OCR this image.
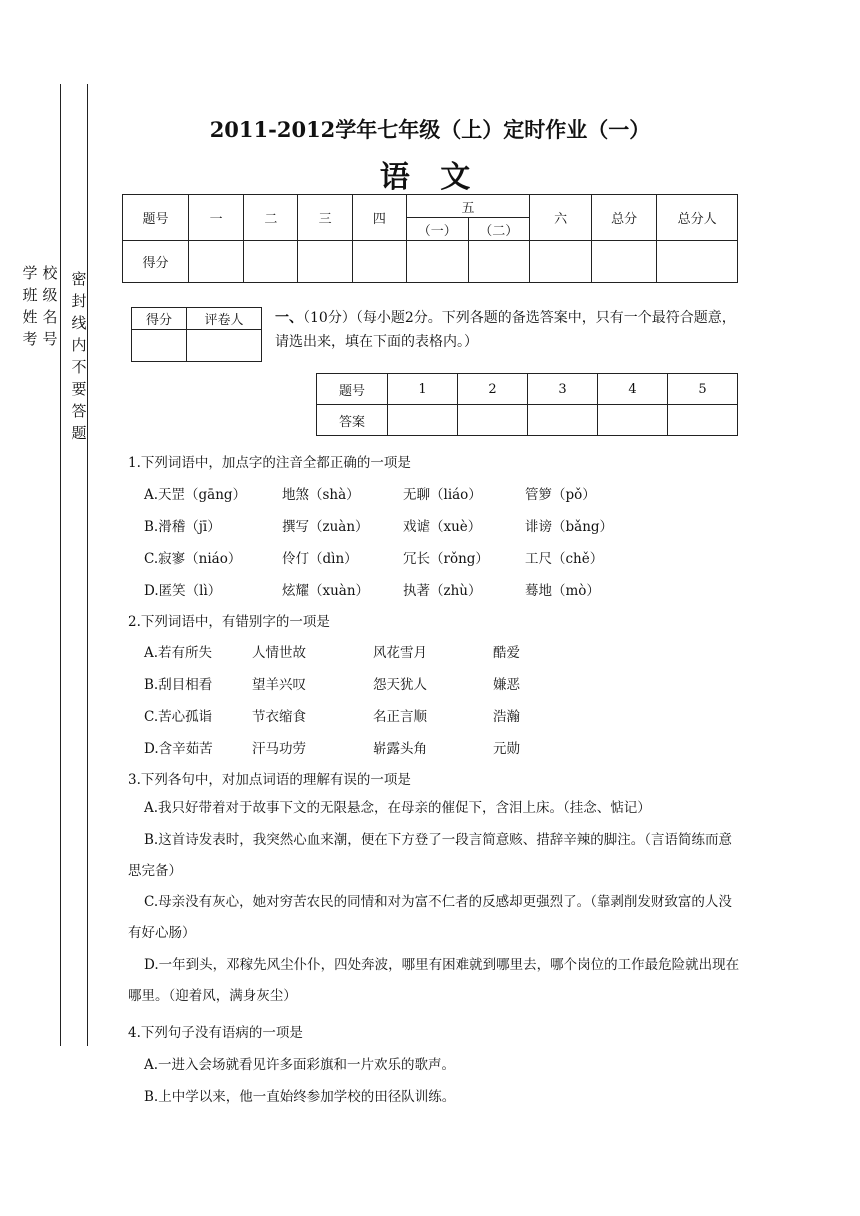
学
班
姓
考
校
级
名
号
密封线内不要答题
2011-2012学年七年级（上）定时作业（一）
语 文
题号	一	二	三	四	五		六	总分	总分人
					（一）	（二）			
得分									
得分	评卷人
	一、（10分）（每小题2分。下列各题的备选答案中，只有一个最符合题意，请选出来，填在下面的表格内。）
题号	1	2	3	4	5
答案					
1.下列词语中，加点字的注音全都正确的一项是
A.天罡（gāng）	地煞（shà）	无聊（liáo）	管箩（pǒ）
B.滑稽（jī）	撰写（zuàn）	戏谑（xuè）	诽谤（bǎng）
C.寂寥（niáo）	伶仃（dìn）	冗长（rǒng）	工尺（chě）
D.匿笑（lì）	炫耀（xuàn）	执著（zhù）	蓦地（mò）
2.下列词语中，有错别字的一项是
A.若有所失	人情世故	风花雪月	酷爱
B.刮目相看	望羊兴叹	怨天犹人	嫌恶
C.苦心孤诣	节衣缩食	名正言顺	浩瀚
D.含辛茹苦	汗马功劳	崭露头角	元勋
3.下列各句中，对加点词语的理解有误的一项是
A.我只好带着对于故事下文的无限悬念，在母亲的催促下，含泪上床。（挂念、惦记）
B.这首诗发表时，我突然心血来潮，便在下方登了一段言简意赅、措辞辛辣的脚注。（言语简练而意思完备）
C.母亲没有灰心，她对穷苦农民的同情和对为富不仁者的反感却更强烈了。（靠剥削发财致富的人没有好心肠）
D.一年到头，邓稼先风尘仆仆，四处奔波，哪里有困难就到哪里去，哪个岗位的工作最危险就出现在哪里。（迎着风，满身灰尘）
4.下列句子没有语病的一项是
A.一进入会场就看见许多面彩旗和一片欢乐的歌声。
B.上中学以来，他一直始终参加学校的田径队训练。
